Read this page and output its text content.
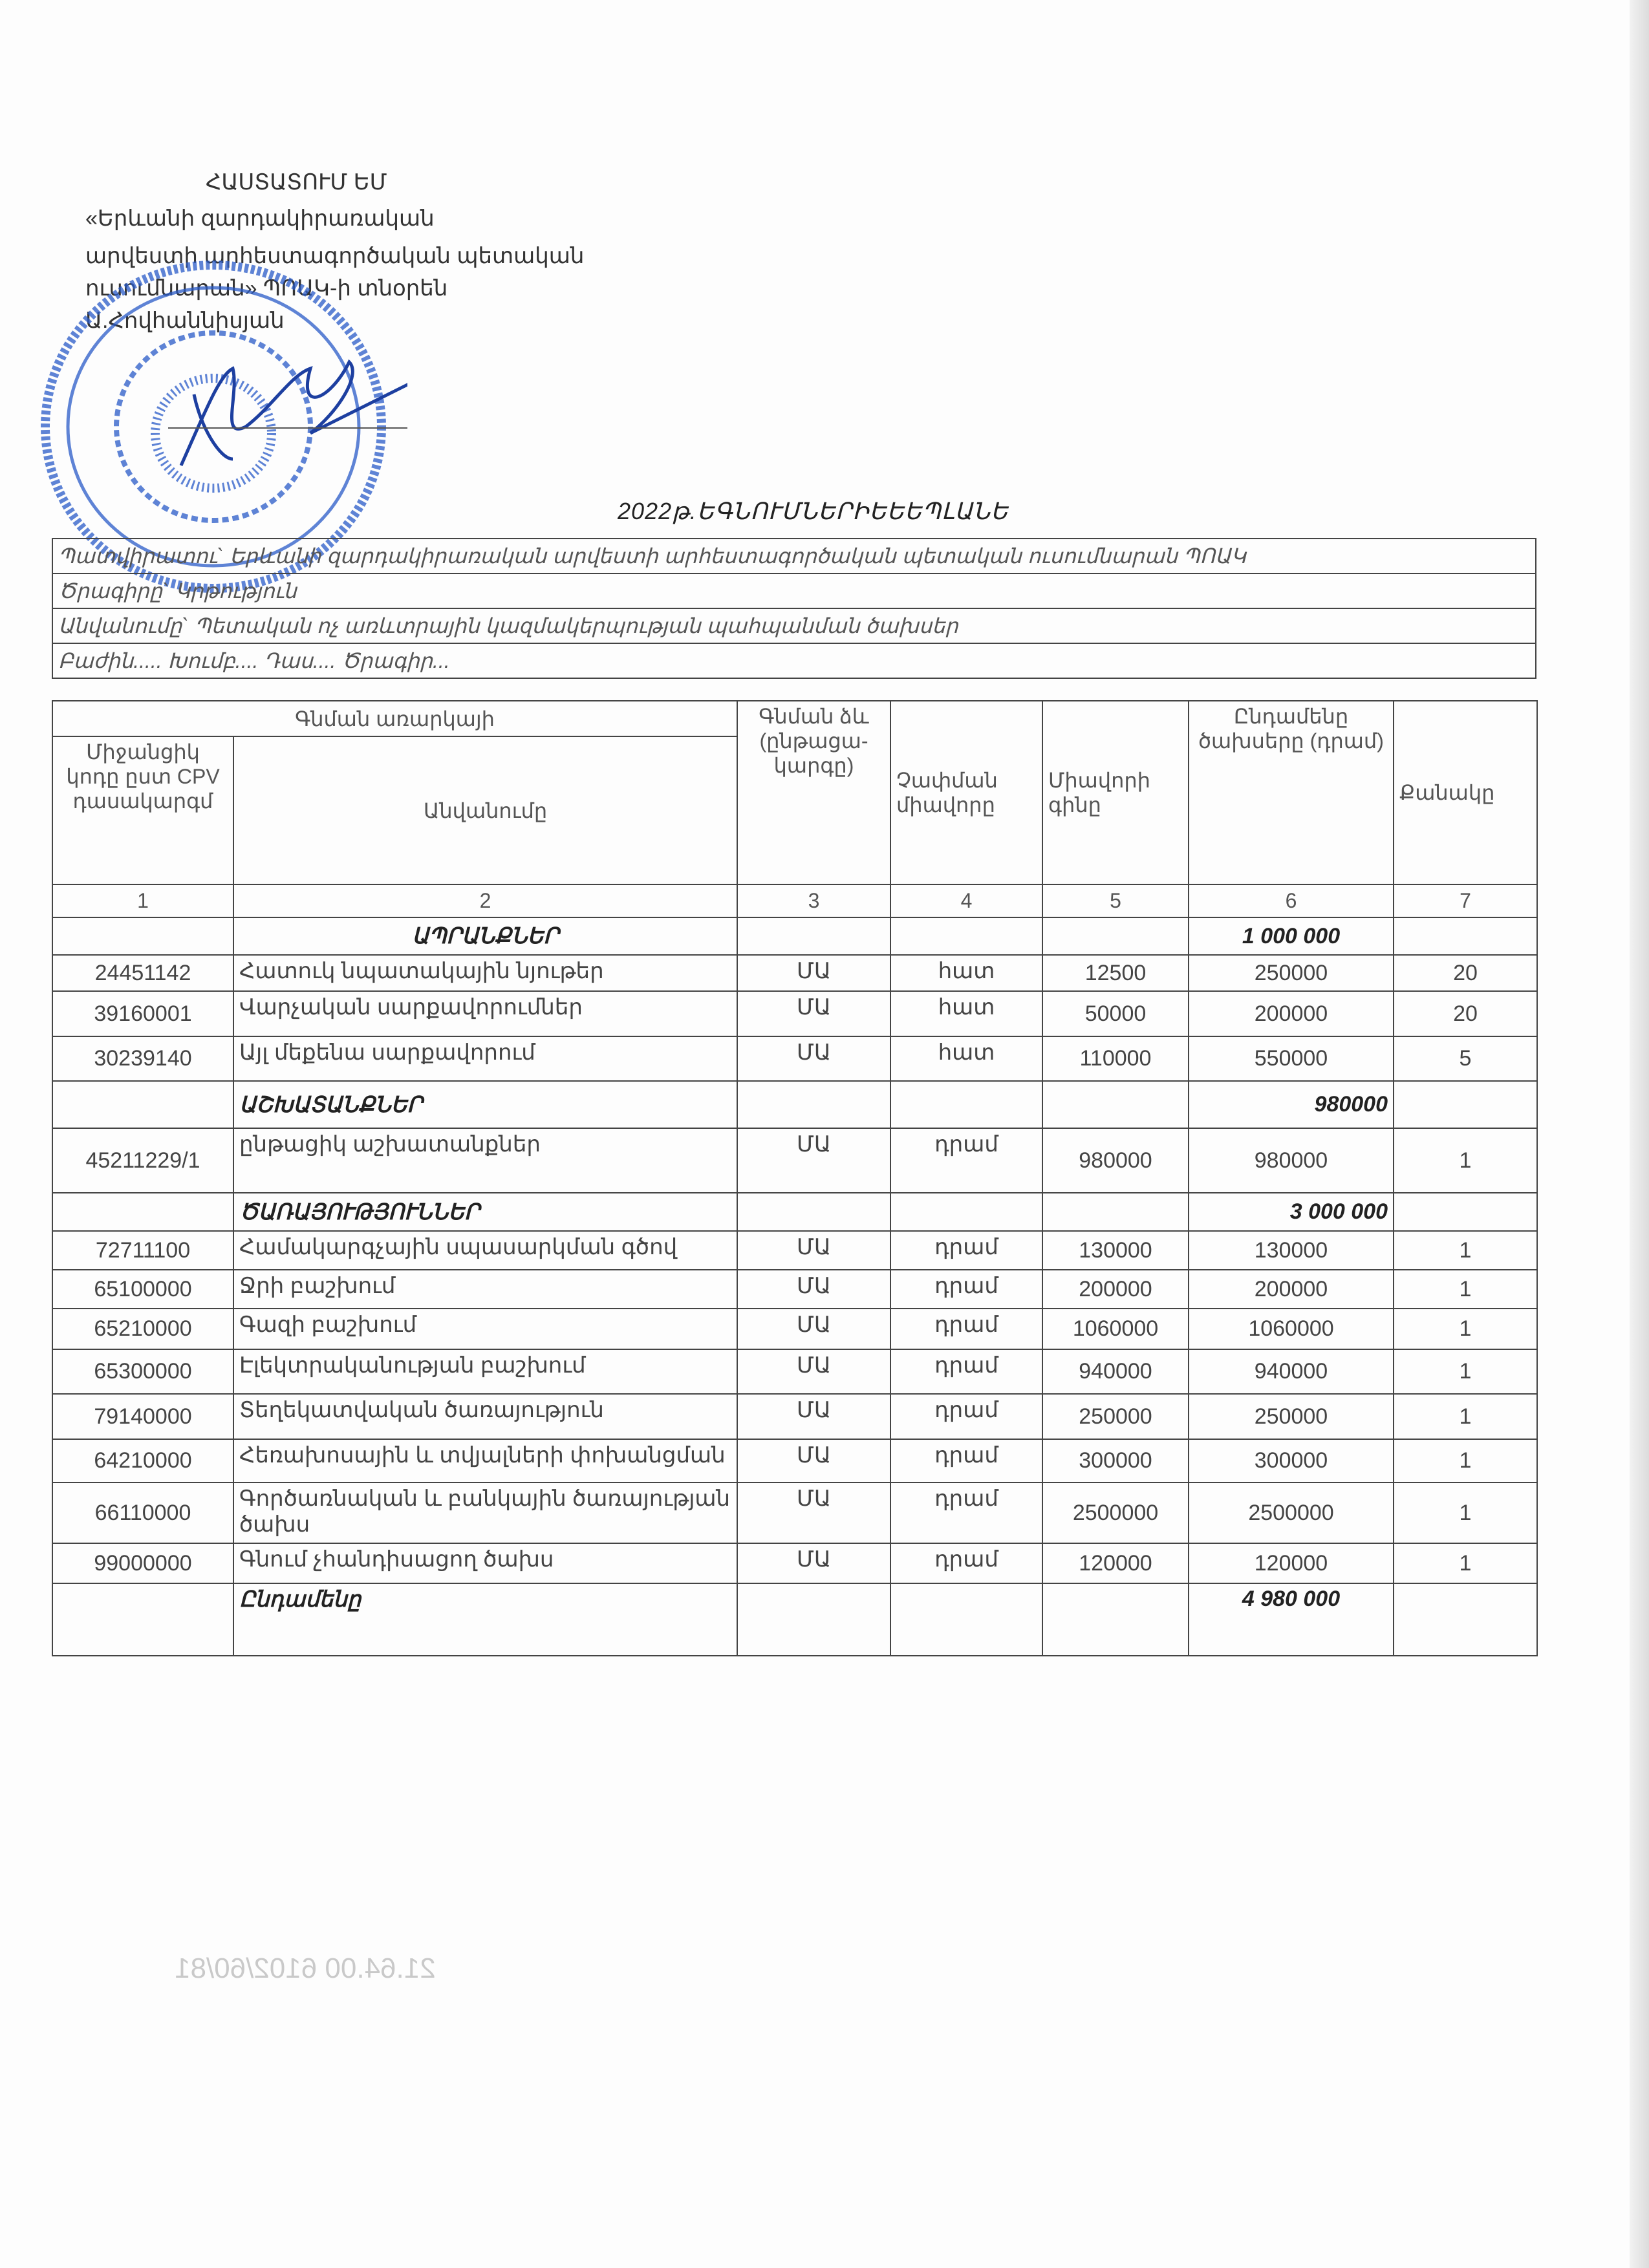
ՀԱՍՏԱՏՈՒՄ ԵՄ
«Երևանի զարդակիրառական
արվեստի արհեստագործական պետական
ուսումնարան» ՊՈԱԿ-ի տնօրեն
Ա.Հովհաննիսյան
2022թ.ԵԳՆՈՒՄՆԵՐԻԵԵԵՊԼԱՆԵ
Պատվիրատու` Երևանի զարդակիրառական արվեստի արհեստագործական պետական ուսումնարան ՊՈԱԿ
Ծրագիրը` Կրթություն
Անվանումը` Պետական ոչ առևտրային կազմակերպության պահպանման ծախսեր
Բաժին..... Խումբ.... Դաս.... Ծրագիր...
Գնման առարկայի		Գնման ձև (ընթացա-կարգը)	Չափման միավորը	Միավորի գինը	Ընդամենը ծախսերը (դրամ)	Քանակը
Միջանցիկ կոդը ըստ CPV դասակարգմ	Անվանումը					
1	2	3	4	5	6	7
	ԱՊՐԱՆՔՆԵՐ				1 000 000	
24451142	Հատուկ նպատակային նյութեր	ՄԱ	հատ	12500	250000	20
39160001	Վարչական սարքավորումներ	ՄԱ	հատ	50000	200000	20
30239140	Այլ մեքենա սարքավորում	ՄԱ	հատ	110000	550000	5
	ԱՇԽԱՏԱՆՔՆԵՐ				980000	
45211229/1	ընթացիկ աշխատանքներ	ՄԱ	դրամ	980000	980000	1
	ԾԱՌԱՅՈՒԹՅՈՒՆՆԵՐ				3 000 000	
72711100	Համակարգչային սպասարկման գծով	ՄԱ	դրամ	130000	130000	1
65100000	Ջրի բաշխում	ՄԱ	դրամ	200000	200000	1
65210000	Գազի բաշխում	ՄԱ	դրամ	1060000	1060000	1
65300000	Էլեկտրականության բաշխում	ՄԱ	դրամ	940000	940000	1
79140000	Տեղեկատվական ծառայություն	ՄԱ	դրամ	250000	250000	1
64210000	Հեռախոսային և տվյալների փոխանցման	ՄԱ	դրամ	300000	300000	1
66110000	Գործառնական և բանկային ծառայության ծախս	ՄԱ	դրամ	2500000	2500000	1
99000000	Գնում չհանդիսացող ծախս	ՄԱ	դրամ	120000	120000	1
	Ընդամենը				4 980 000	
21.64.00 6102/60/81
